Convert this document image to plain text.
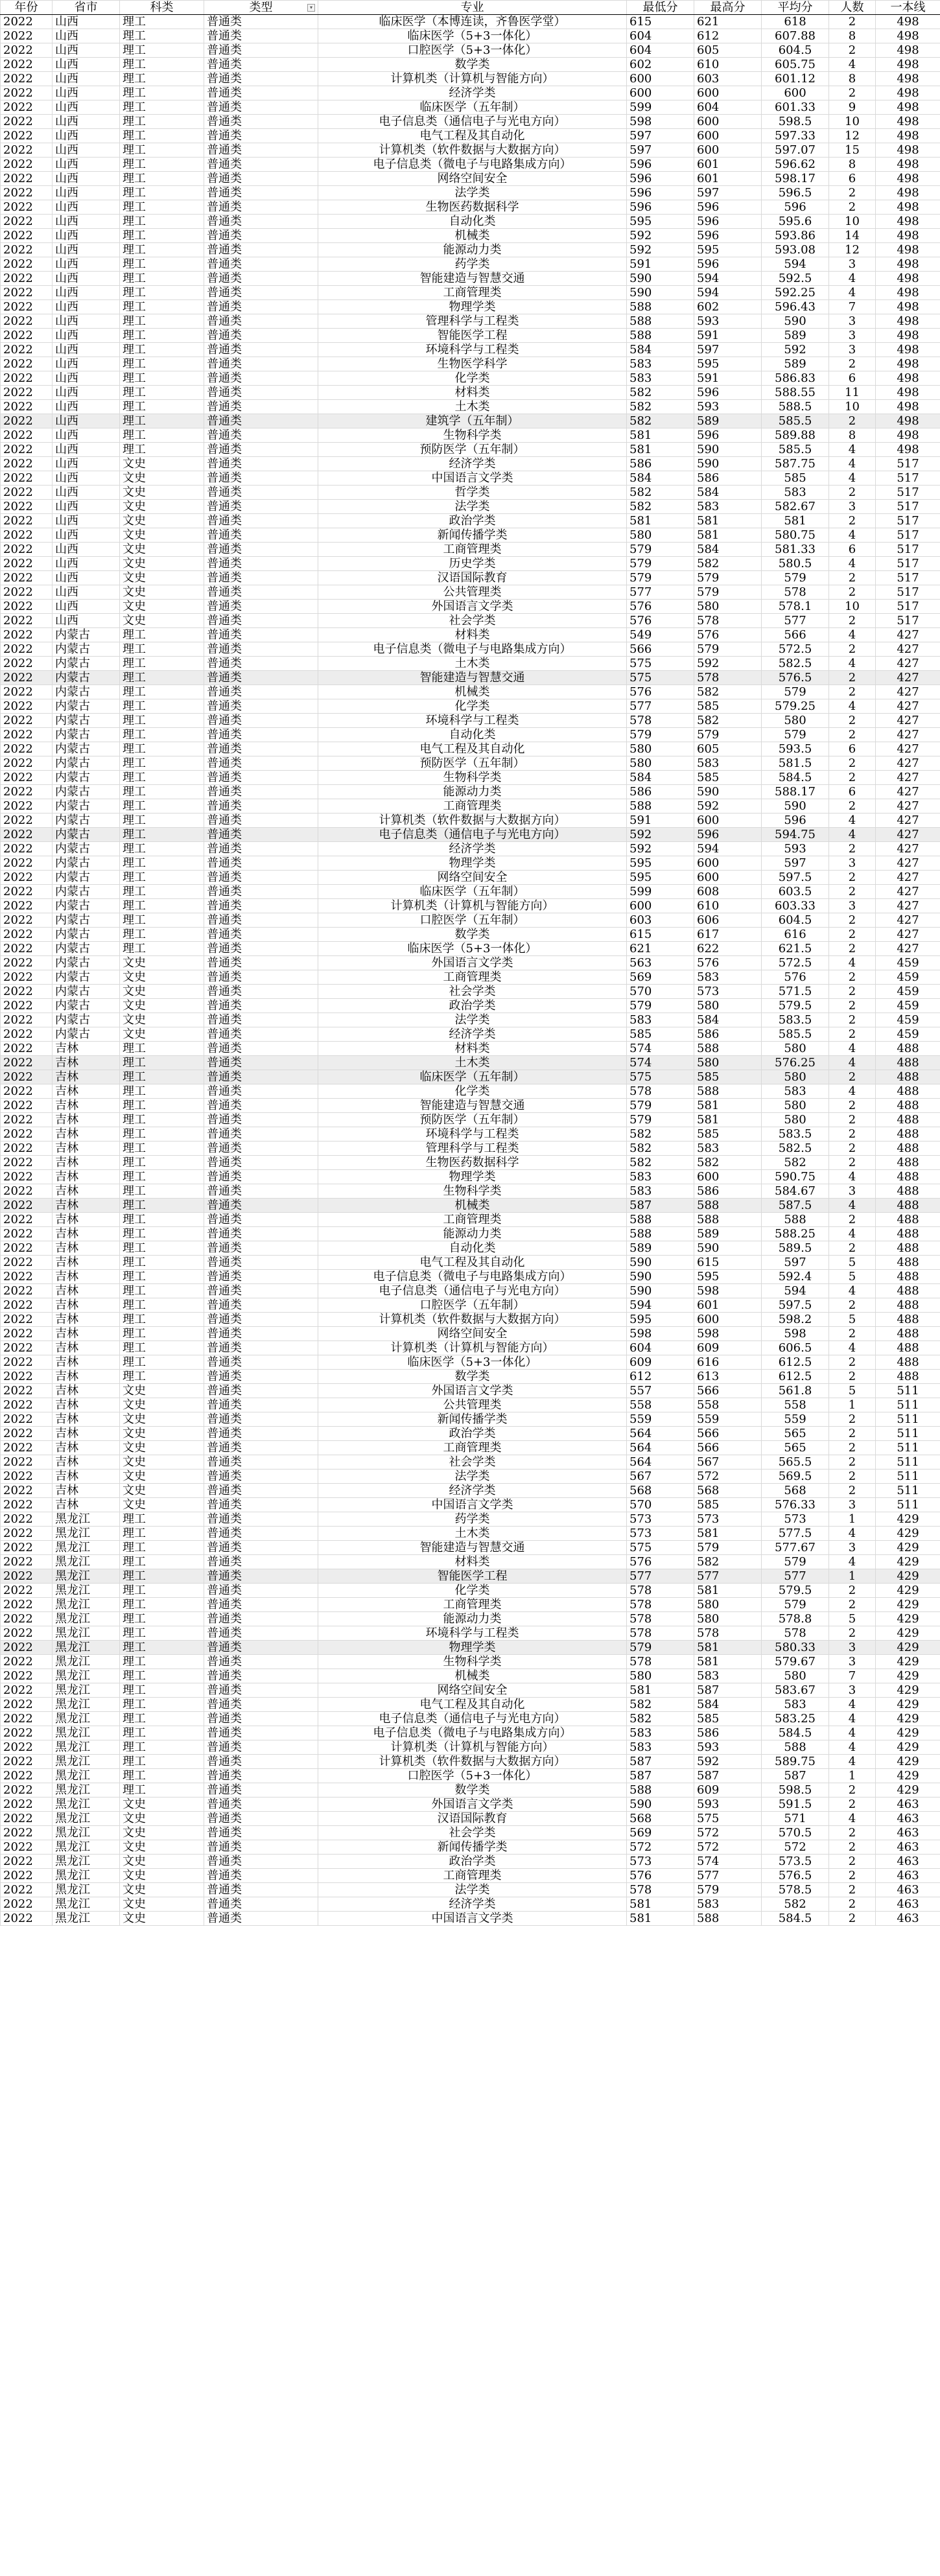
年份	省市	科类	类型 ▾	专业	最低分	最高分	平均分	人数	一本线
2022	山西	理工	普通类	临床医学（本博连读，齐鲁医学堂）	615	621	618	2	498
2022	山西	理工	普通类	临床医学（5+3一体化）	604	612	607.88	8	498
2022	山西	理工	普通类	口腔医学（5+3一体化）	604	605	604.5	2	498
2022	山西	理工	普通类	数学类	602	610	605.75	4	498
2022	山西	理工	普通类	计算机类（计算机与智能方向）	600	603	601.12	8	498
2022	山西	理工	普通类	经济学类	600	600	600	2	498
2022	山西	理工	普通类	临床医学（五年制）	599	604	601.33	9	498
2022	山西	理工	普通类	电子信息类（通信电子与光电方向）	598	600	598.5	10	498
2022	山西	理工	普通类	电气工程及其自动化	597	600	597.33	12	498
2022	山西	理工	普通类	计算机类（软件数据与大数据方向）	597	600	597.07	15	498
2022	山西	理工	普通类	电子信息类（微电子与电路集成方向）	596	601	596.62	8	498
2022	山西	理工	普通类	网络空间安全	596	601	598.17	6	498
2022	山西	理工	普通类	法学类	596	597	596.5	2	498
2022	山西	理工	普通类	生物医药数据科学	596	596	596	2	498
2022	山西	理工	普通类	自动化类	595	596	595.6	10	498
2022	山西	理工	普通类	机械类	592	596	593.86	14	498
2022	山西	理工	普通类	能源动力类	592	595	593.08	12	498
2022	山西	理工	普通类	药学类	591	596	594	3	498
2022	山西	理工	普通类	智能建造与智慧交通	590	594	592.5	4	498
2022	山西	理工	普通类	工商管理类	590	594	592.25	4	498
2022	山西	理工	普通类	物理学类	588	602	596.43	7	498
2022	山西	理工	普通类	管理科学与工程类	588	593	590	3	498
2022	山西	理工	普通类	智能医学工程	588	591	589	3	498
2022	山西	理工	普通类	环境科学与工程类	584	597	592	3	498
2022	山西	理工	普通类	生物医学科学	583	595	589	2	498
2022	山西	理工	普通类	化学类	583	591	586.83	6	498
2022	山西	理工	普通类	材料类	582	596	588.55	11	498
2022	山西	理工	普通类	土木类	582	593	588.5	10	498
2022	山西	理工	普通类	建筑学（五年制）	582	589	585.5	2	498
2022	山西	理工	普通类	生物科学类	581	596	589.88	8	498
2022	山西	理工	普通类	预防医学（五年制）	581	590	585.5	4	498
2022	山西	文史	普通类	经济学类	586	590	587.75	4	517
2022	山西	文史	普通类	中国语言文学类	584	586	585	4	517
2022	山西	文史	普通类	哲学类	582	584	583	2	517
2022	山西	文史	普通类	法学类	582	583	582.67	3	517
2022	山西	文史	普通类	政治学类	581	581	581	2	517
2022	山西	文史	普通类	新闻传播学类	580	581	580.75	4	517
2022	山西	文史	普通类	工商管理类	579	584	581.33	6	517
2022	山西	文史	普通类	历史学类	579	582	580.5	4	517
2022	山西	文史	普通类	汉语国际教育	579	579	579	2	517
2022	山西	文史	普通类	公共管理类	577	579	578	2	517
2022	山西	文史	普通类	外国语言文学类	576	580	578.1	10	517
2022	山西	文史	普通类	社会学类	576	578	577	2	517
2022	内蒙古	理工	普通类	材料类	549	576	566	4	427
2022	内蒙古	理工	普通类	电子信息类（微电子与电路集成方向）	566	579	572.5	2	427
2022	内蒙古	理工	普通类	土木类	575	592	582.5	4	427
2022	内蒙古	理工	普通类	智能建造与智慧交通	575	578	576.5	2	427
2022	内蒙古	理工	普通类	机械类	576	582	579	2	427
2022	内蒙古	理工	普通类	化学类	577	585	579.25	4	427
2022	内蒙古	理工	普通类	环境科学与工程类	578	582	580	2	427
2022	内蒙古	理工	普通类	自动化类	579	579	579	2	427
2022	内蒙古	理工	普通类	电气工程及其自动化	580	605	593.5	6	427
2022	内蒙古	理工	普通类	预防医学（五年制）	580	583	581.5	2	427
2022	内蒙古	理工	普通类	生物科学类	584	585	584.5	2	427
2022	内蒙古	理工	普通类	能源动力类	586	590	588.17	6	427
2022	内蒙古	理工	普通类	工商管理类	588	592	590	2	427
2022	内蒙古	理工	普通类	计算机类（软件数据与大数据方向）	591	600	596	4	427
2022	内蒙古	理工	普通类	电子信息类（通信电子与光电方向）	592	596	594.75	4	427
2022	内蒙古	理工	普通类	经济学类	592	594	593	2	427
2022	内蒙古	理工	普通类	物理学类	595	600	597	3	427
2022	内蒙古	理工	普通类	网络空间安全	595	600	597.5	2	427
2022	内蒙古	理工	普通类	临床医学（五年制）	599	608	603.5	2	427
2022	内蒙古	理工	普通类	计算机类（计算机与智能方向）	600	610	603.33	3	427
2022	内蒙古	理工	普通类	口腔医学（五年制）	603	606	604.5	2	427
2022	内蒙古	理工	普通类	数学类	615	617	616	2	427
2022	内蒙古	理工	普通类	临床医学（5+3一体化）	621	622	621.5	2	427
2022	内蒙古	文史	普通类	外国语言文学类	563	576	572.5	4	459
2022	内蒙古	文史	普通类	工商管理类	569	583	576	2	459
2022	内蒙古	文史	普通类	社会学类	570	573	571.5	2	459
2022	内蒙古	文史	普通类	政治学类	579	580	579.5	2	459
2022	内蒙古	文史	普通类	法学类	583	584	583.5	2	459
2022	内蒙古	文史	普通类	经济学类	585	586	585.5	2	459
2022	吉林	理工	普通类	材料类	574	588	580	4	488
2022	吉林	理工	普通类	土木类	574	580	576.25	4	488
2022	吉林	理工	普通类	临床医学（五年制）	575	585	580	2	488
2022	吉林	理工	普通类	化学类	578	588	583	4	488
2022	吉林	理工	普通类	智能建造与智慧交通	579	581	580	2	488
2022	吉林	理工	普通类	预防医学（五年制）	579	581	580	2	488
2022	吉林	理工	普通类	环境科学与工程类	582	585	583.5	2	488
2022	吉林	理工	普通类	管理科学与工程类	582	583	582.5	2	488
2022	吉林	理工	普通类	生物医药数据科学	582	582	582	2	488
2022	吉林	理工	普通类	物理学类	583	600	590.75	4	488
2022	吉林	理工	普通类	生物科学类	583	586	584.67	3	488
2022	吉林	理工	普通类	机械类	587	588	587.5	4	488
2022	吉林	理工	普通类	工商管理类	588	588	588	2	488
2022	吉林	理工	普通类	能源动力类	588	589	588.25	4	488
2022	吉林	理工	普通类	自动化类	589	590	589.5	2	488
2022	吉林	理工	普通类	电气工程及其自动化	590	615	597	5	488
2022	吉林	理工	普通类	电子信息类（微电子与电路集成方向）	590	595	592.4	5	488
2022	吉林	理工	普通类	电子信息类（通信电子与光电方向）	590	598	594	4	488
2022	吉林	理工	普通类	口腔医学（五年制）	594	601	597.5	2	488
2022	吉林	理工	普通类	计算机类（软件数据与大数据方向）	595	600	598.2	5	488
2022	吉林	理工	普通类	网络空间安全	598	598	598	2	488
2022	吉林	理工	普通类	计算机类（计算机与智能方向）	604	609	606.5	4	488
2022	吉林	理工	普通类	临床医学（5+3一体化）	609	616	612.5	2	488
2022	吉林	理工	普通类	数学类	612	613	612.5	2	488
2022	吉林	文史	普通类	外国语言文学类	557	566	561.8	5	511
2022	吉林	文史	普通类	公共管理类	558	558	558	1	511
2022	吉林	文史	普通类	新闻传播学类	559	559	559	2	511
2022	吉林	文史	普通类	政治学类	564	566	565	2	511
2022	吉林	文史	普通类	工商管理类	564	566	565	2	511
2022	吉林	文史	普通类	社会学类	564	567	565.5	2	511
2022	吉林	文史	普通类	法学类	567	572	569.5	2	511
2022	吉林	文史	普通类	经济学类	568	568	568	2	511
2022	吉林	文史	普通类	中国语言文学类	570	585	576.33	3	511
2022	黑龙江	理工	普通类	药学类	573	573	573	1	429
2022	黑龙江	理工	普通类	土木类	573	581	577.5	4	429
2022	黑龙江	理工	普通类	智能建造与智慧交通	575	579	577.67	3	429
2022	黑龙江	理工	普通类	材料类	576	582	579	4	429
2022	黑龙江	理工	普通类	智能医学工程	577	577	577	1	429
2022	黑龙江	理工	普通类	化学类	578	581	579.5	2	429
2022	黑龙江	理工	普通类	工商管理类	578	580	579	2	429
2022	黑龙江	理工	普通类	能源动力类	578	580	578.8	5	429
2022	黑龙江	理工	普通类	环境科学与工程类	578	578	578	2	429
2022	黑龙江	理工	普通类	物理学类	579	581	580.33	3	429
2022	黑龙江	理工	普通类	生物科学类	578	581	579.67	3	429
2022	黑龙江	理工	普通类	机械类	580	583	580	7	429
2022	黑龙江	理工	普通类	网络空间安全	581	587	583.67	3	429
2022	黑龙江	理工	普通类	电气工程及其自动化	582	584	583	4	429
2022	黑龙江	理工	普通类	电子信息类（通信电子与光电方向）	582	585	583.25	4	429
2022	黑龙江	理工	普通类	电子信息类（微电子与电路集成方向）	583	586	584.5	4	429
2022	黑龙江	理工	普通类	计算机类（计算机与智能方向）	583	593	588	4	429
2022	黑龙江	理工	普通类	计算机类（软件数据与大数据方向）	587	592	589.75	4	429
2022	黑龙江	理工	普通类	口腔医学（5+3一体化）	587	587	587	1	429
2022	黑龙江	理工	普通类	数学类	588	609	598.5	2	429
2022	黑龙江	文史	普通类	外国语言文学类	590	593	591.5	2	463
2022	黑龙江	文史	普通类	汉语国际教育	568	575	571	4	463
2022	黑龙江	文史	普通类	社会学类	569	572	570.5	2	463
2022	黑龙江	文史	普通类	新闻传播学类	572	572	572	2	463
2022	黑龙江	文史	普通类	政治学类	573	574	573.5	2	463
2022	黑龙江	文史	普通类	工商管理类	576	577	576.5	2	463
2022	黑龙江	文史	普通类	法学类	578	579	578.5	2	463
2022	黑龙江	文史	普通类	经济学类	581	583	582	2	463
2022	黑龙江	文史	普通类	中国语言文学类	581	588	584.5	2	463
